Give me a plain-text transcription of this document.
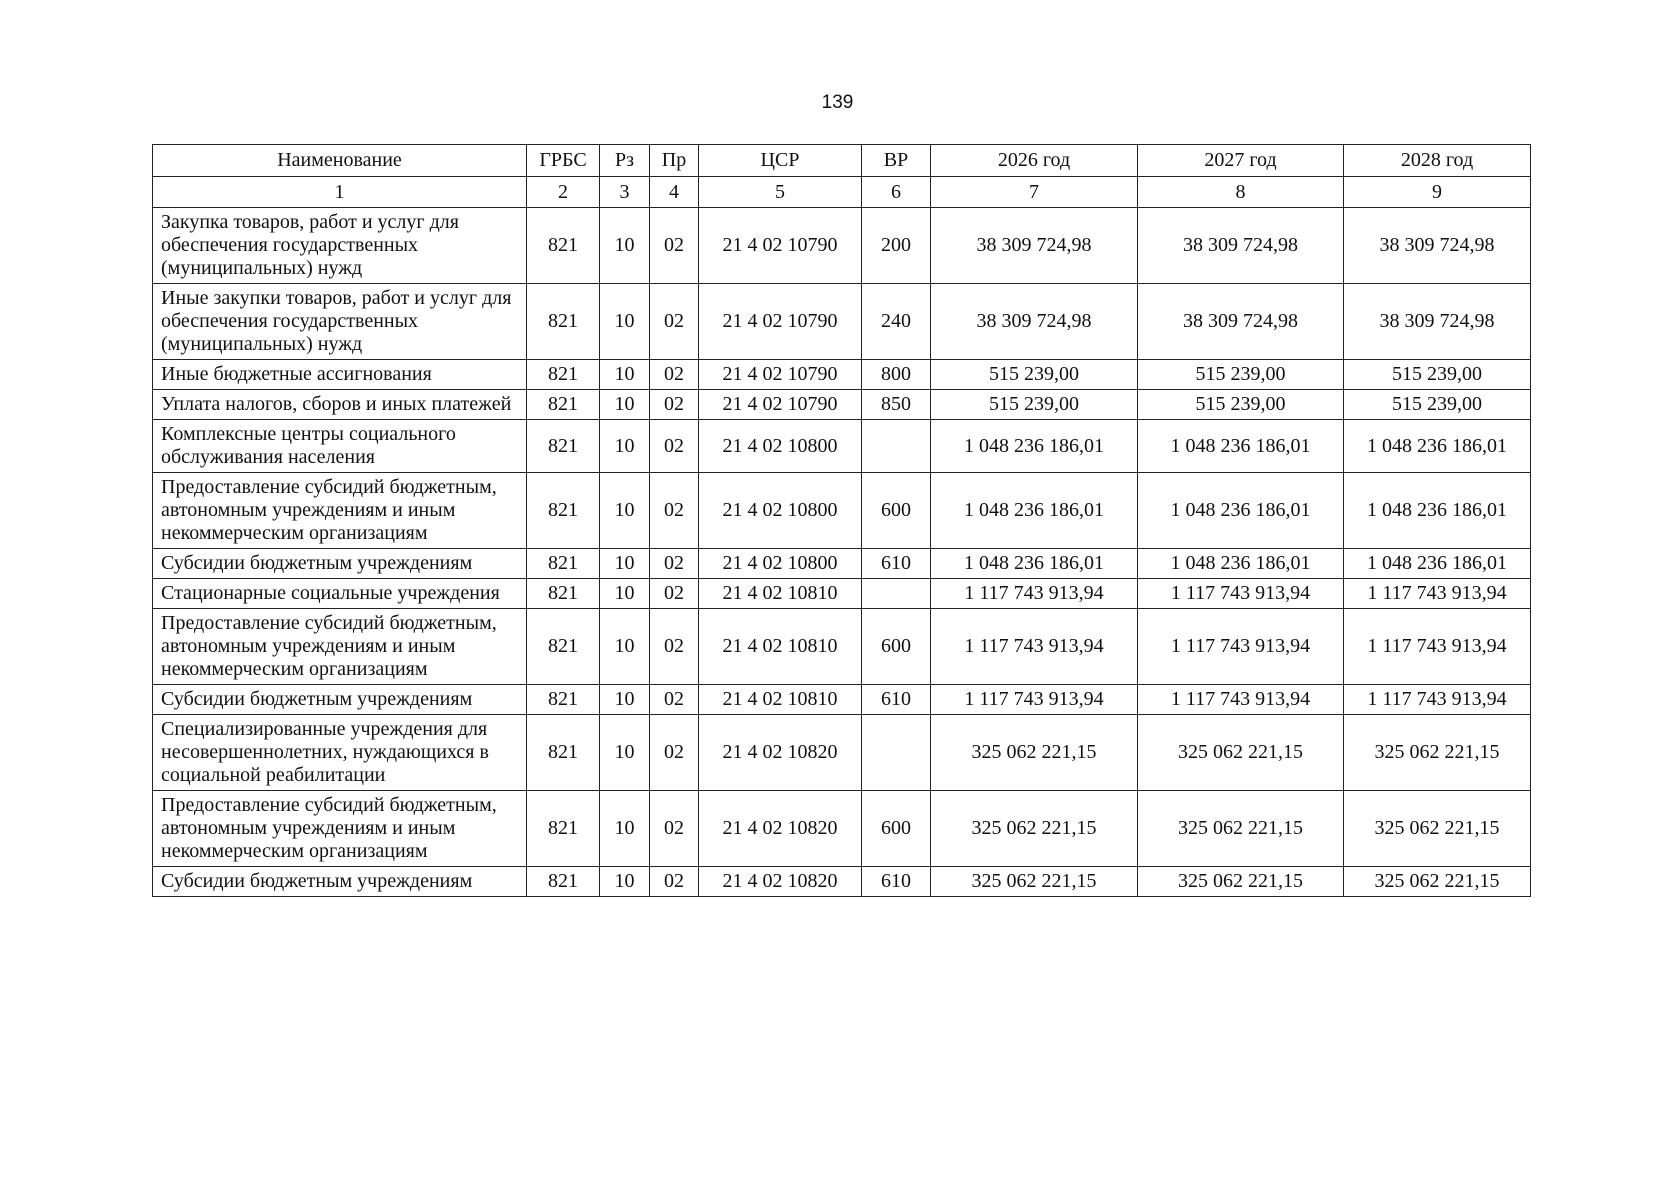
139
Наименование	ГРБС	Рз	Пр	ЦСР	ВР	2026 год	2027 год	2028 год
1	2	3	4	5	6	7	8	9
Закупка товаров, работ и услуг для обеспечения государственных (муниципальных) нужд	821	10	02	21 4 02 10790	200	38 309 724,98	38 309 724,98	38 309 724,98
Иные закупки товаров, работ и услуг для обеспечения государственных (муниципальных) нужд	821	10	02	21 4 02 10790	240	38 309 724,98	38 309 724,98	38 309 724,98
Иные бюджетные ассигнования	821	10	02	21 4 02 10790	800	515 239,00	515 239,00	515 239,00
Уплата налогов, сборов и иных платежей	821	10	02	21 4 02 10790	850	515 239,00	515 239,00	515 239,00
Комплексные центры социального обслуживания населения	821	10	02	21 4 02 10800		1 048 236 186,01	1 048 236 186,01	1 048 236 186,01
Предоставление субсидий бюджетным, автономным учреждениям и иным некоммерческим организациям	821	10	02	21 4 02 10800	600	1 048 236 186,01	1 048 236 186,01	1 048 236 186,01
Субсидии бюджетным учреждениям	821	10	02	21 4 02 10800	610	1 048 236 186,01	1 048 236 186,01	1 048 236 186,01
Стационарные социальные учреждения	821	10	02	21 4 02 10810		1 117 743 913,94	1 117 743 913,94	1 117 743 913,94
Предоставление субсидий бюджетным, автономным учреждениям и иным некоммерческим организациям	821	10	02	21 4 02 10810	600	1 117 743 913,94	1 117 743 913,94	1 117 743 913,94
Субсидии бюджетным учреждениям	821	10	02	21 4 02 10810	610	1 117 743 913,94	1 117 743 913,94	1 117 743 913,94
Специализированные учреждения для несовершеннолетних, нуждающихся в социальной реабилитации	821	10	02	21 4 02 10820		325 062 221,15	325 062 221,15	325 062 221,15
Предоставление субсидий бюджетным, автономным учреждениям и иным некоммерческим организациям	821	10	02	21 4 02 10820	600	325 062 221,15	325 062 221,15	325 062 221,15
Субсидии бюджетным учреждениям	821	10	02	21 4 02 10820	610	325 062 221,15	325 062 221,15	325 062 221,15
